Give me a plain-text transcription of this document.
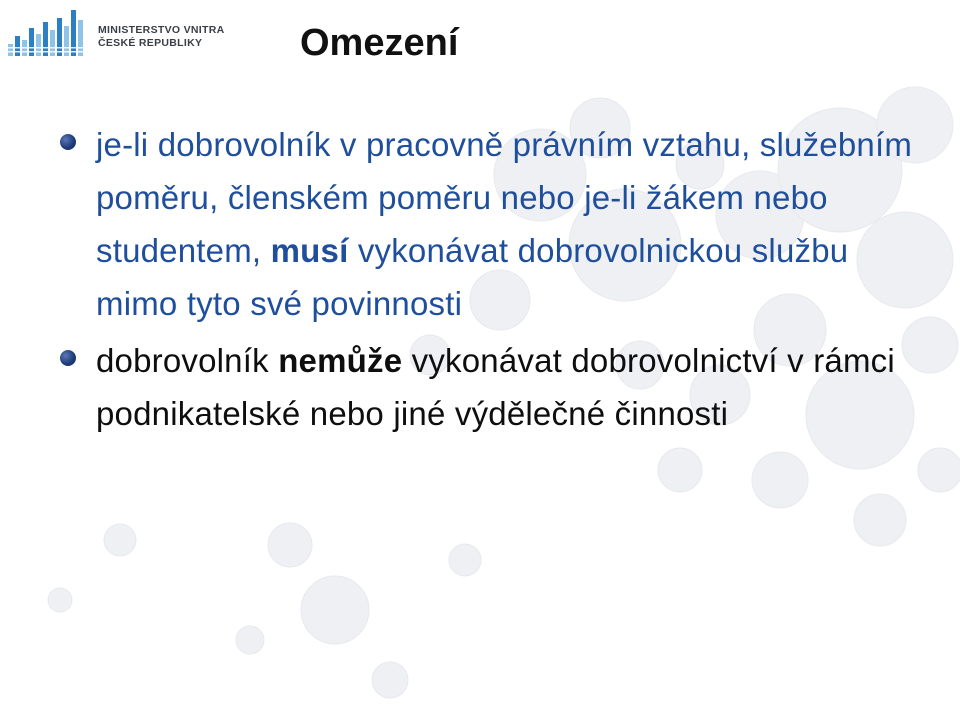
MINISTERSTVO VNITRA
ČESKÉ REPUBLIKY	Omezení
je-li dobrovolník v pracovně právním vztahu, služebním poměru, členském poměru nebo je-li žákem nebo studentem, musí vykonávat dobrovolnickou službu mimo tyto své povinnosti
dobrovolník nemůže vykonávat dobrovolnictví v rámci podnikatelské nebo jiné výdělečné činnosti
